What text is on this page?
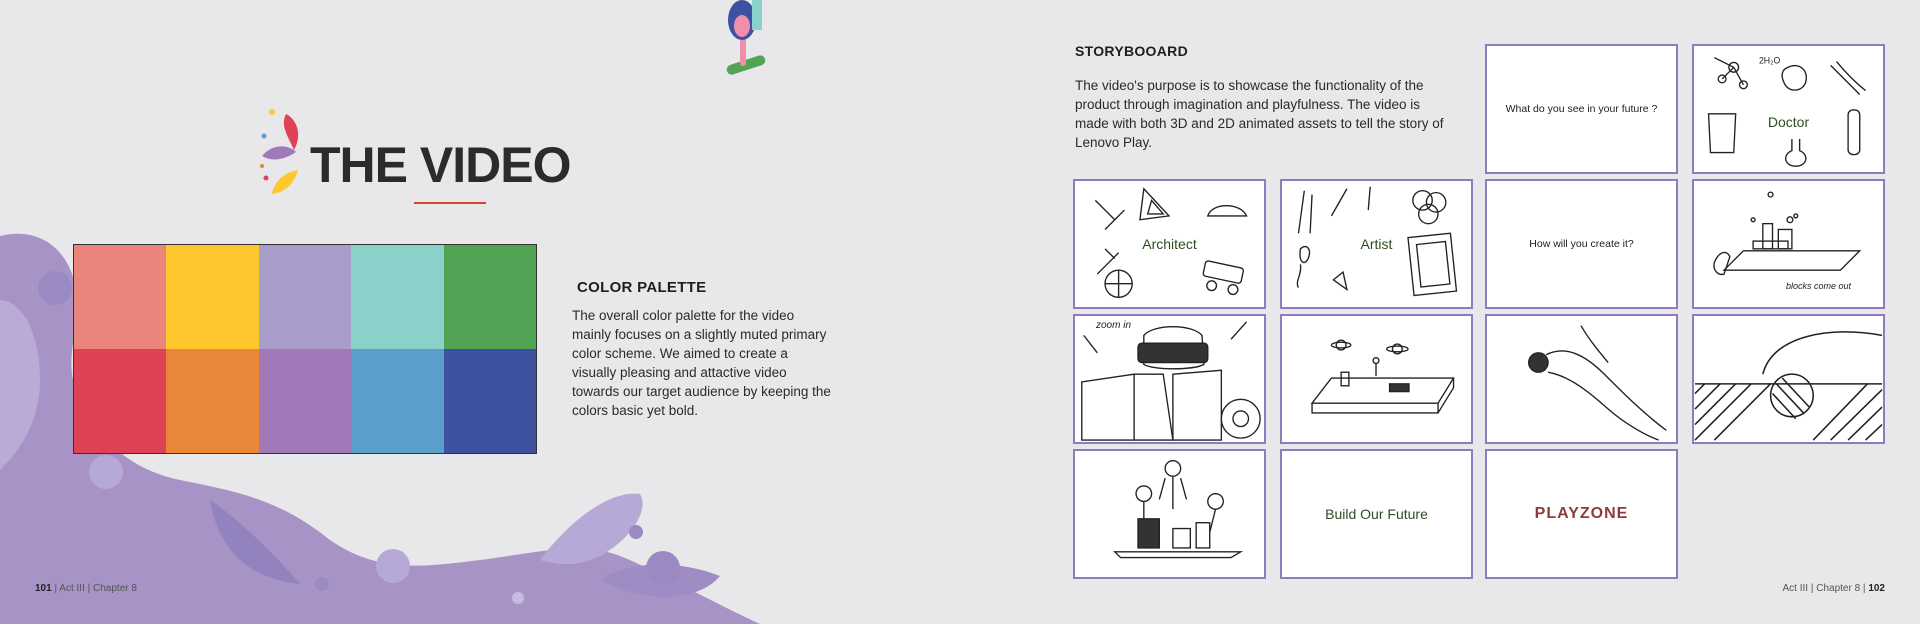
THE VIDEO
COLOR PALETTE
The overall color palette for the video mainly focuses on a slightly muted primary color scheme. We aimed to create a visually pleasing and attactive video towards our target audience by keeping the colors basic yet bold.
101 | Act III | Chapter 8
STORYBOOARD
The video's purpose is to showcase the functionality of the product through imagination and playfulness. The video is made with both 3D and 2D animated assets to tell the story of Lenovo Play.
What do you see in your future ?
2H₂O
Doctor
Architect	Artist	How will you create it?
blocks come out
zoom in
Build Our Future	PLAYZONE
Act III | Chapter 8 | 102
